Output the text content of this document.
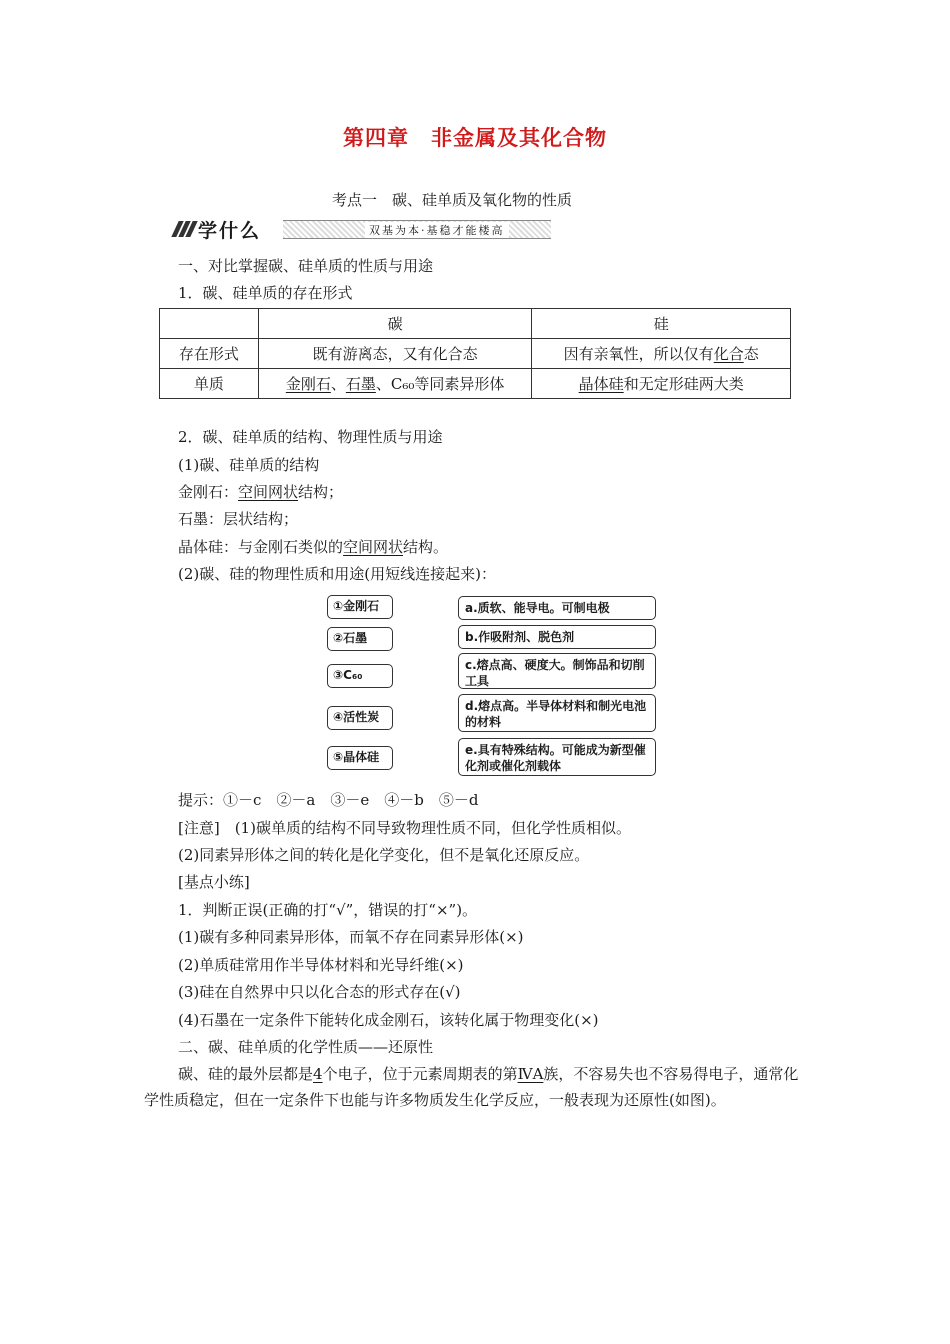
第四章　非金属及其化合物
考点一　碳、硅单质及氧化物的性质
学什么	双基为本·基稳才能楼高
一、对比掌握碳、硅单质的性质与用途
1．碳、硅单质的存在形式
	碳	硅
存在形式	既有游离态，又有化合态	因有亲氧性，所以仅有化合态
单质	金刚石、石墨、C₆₀等同素异形体	晶体硅和无定形硅两大类
2．碳、硅单质的结构、物理性质与用途
(1)碳、硅单质的结构
金刚石：空间网状结构；
石墨：层状结构；
晶体硅：与金刚石类似的空间网状结构。
(2)碳、硅的物理性质和用途(用短线连接起来)：
①金刚石
②石墨
③C₆₀
④活性炭
⑤晶体硅
a.质软、能导电。可制电极
b.作吸附剂、脱色剂
c.熔点高、硬度大。制饰品和切削工具
d.熔点高。半导体材料和制光电池的材料
e.具有特殊结构。可能成为新型催化剂或催化剂载体
提示：①－c　②－a　③－e　④－b　⑤－d
[注意]　(1)碳单质的结构不同导致物理性质不同，但化学性质相似。
(2)同素异形体之间的转化是化学变化，但不是氧化还原反应。
[基点小练]
1．判断正误(正确的打“√”，错误的打“×”)。
(1)碳有多种同素异形体，而氧不存在同素异形体(×)
(2)单质硅常用作半导体材料和光导纤维(×)
(3)硅在自然界中只以化合态的形式存在(√)
(4)石墨在一定条件下能转化成金刚石，该转化属于物理变化(×)
二、碳、硅单质的化学性质——还原性
碳、硅的最外层都是4个电子，位于元素周期表的第ⅣA族，不容易失也不容易得电子，通常化学性质稳定，但在一定条件下也能与许多物质发生化学反应，一般表现为还原性(如图)。
